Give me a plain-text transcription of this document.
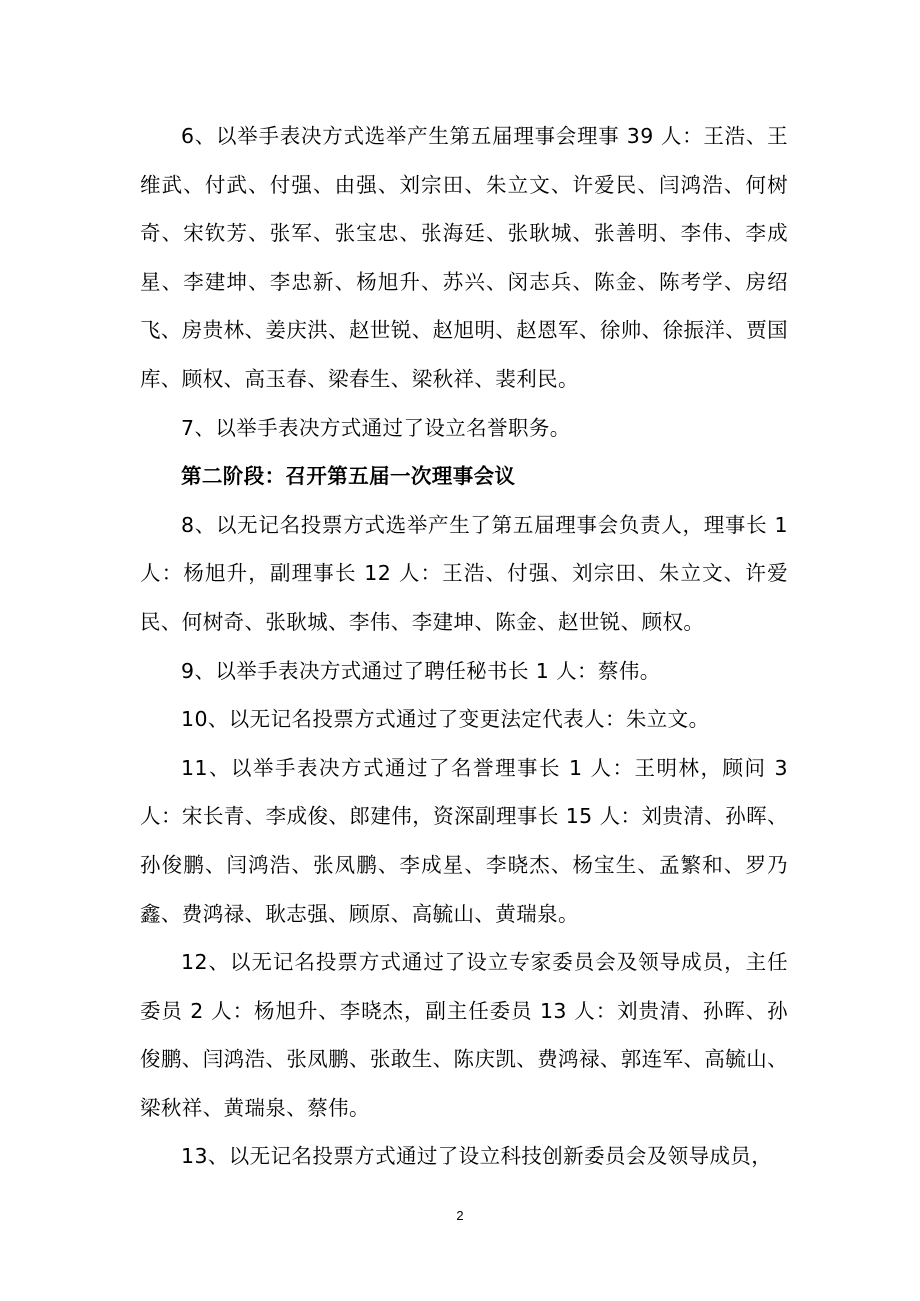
6、以举手表决方式选举产生第五届理事会理事 39 人：王浩、王维武、付武、付强、由强、刘宗田、朱立文、许爱民、闫鸿浩、何树奇、宋钦芳、张军、张宝忠、张海廷、张耿城、张善明、李伟、李成星、李建坤、李忠新、杨旭升、苏兴、闵志兵、陈金、陈考学、房绍飞、房贵林、姜庆洪、赵世锐、赵旭明、赵恩军、徐帅、徐振洋、贾国库、顾权、高玉春、梁春生、梁秋祥、裴利民。

7、以举手表决方式通过了设立名誉职务。

第二阶段：召开第五届一次理事会议

8、以无记名投票方式选举产生了第五届理事会负责人，理事长 1 人：杨旭升，副理事长 12 人：王浩、付强、刘宗田、朱立文、许爱民、何树奇、张耿城、李伟、李建坤、陈金、赵世锐、顾权。

9、以举手表决方式通过了聘任秘书长 1 人：蔡伟。

10、以无记名投票方式通过了变更法定代表人：朱立文。

11、以举手表决方式通过了名誉理事长 1 人：王明林，顾问 3 人：宋长青、李成俊、郎建伟，资深副理事长 15 人：刘贵清、孙晖、孙俊鹏、闫鸿浩、张凤鹏、李成星、李晓杰、杨宝生、孟繁和、罗乃鑫、费鸿禄、耿志强、顾原、高毓山、黄瑞泉。

12、以无记名投票方式通过了设立专家委员会及领导成员，主任委员 2 人：杨旭升、李晓杰，副主任委员 13 人：刘贵清、孙晖、孙俊鹏、闫鸿浩、张凤鹏、张敢生、陈庆凯、费鸿禄、郭连军、高毓山、梁秋祥、黄瑞泉、蔡伟。

13、以无记名投票方式通过了设立科技创新委员会及领导成员，

2
